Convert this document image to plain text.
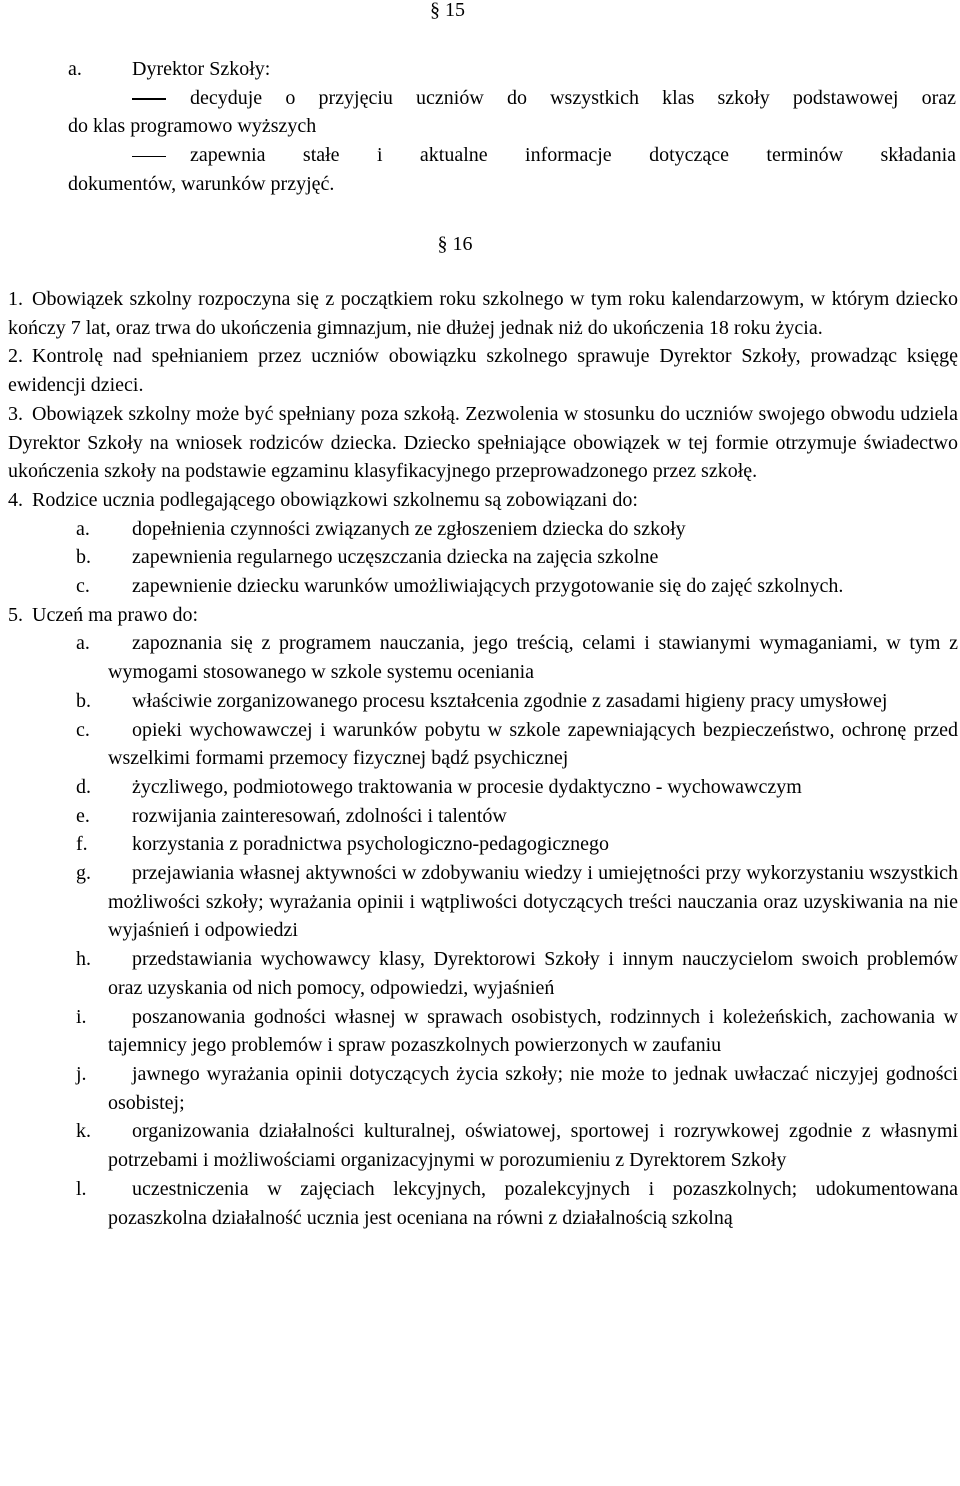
§ 15
a.	Dyrektor Szkoły:
decyduje o przyjęciu uczniów do wszystkich klas szkoły podstawowej oraz
do klas programowo wyższych
zapewnia stałe i aktualne informacje dotyczące terminów składania
dokumentów, warunków przyjęć.
§ 16
1. Obowiązek szkolny rozpoczyna się z początkiem roku szkolnego w tym roku kalendarzowym, w którym dziecko kończy 7 lat, oraz trwa do ukończenia gimnazjum, nie dłużej jednak niż do ukończenia 18 roku życia.
2. Kontrolę nad spełnianiem przez uczniów obowiązku szkolnego sprawuje Dyrektor Szkoły, prowadząc księgę ewidencji dzieci.
3. Obowiązek szkolny może być spełniany poza szkołą. Zezwolenia w stosunku do uczniów swojego obwodu udziela Dyrektor Szkoły na wniosek rodziców dziecka. Dziecko spełniające obowiązek w tej formie otrzymuje świadectwo ukończenia szkoły na podstawie egzaminu klasyfikacyjnego przeprowadzonego przez szkołę.
4. Rodzice ucznia podlegającego obowiązkowi szkolnemu są zobowiązani do:
a.	dopełnienia czynności związanych ze zgłoszeniem dziecka do szkoły
b.	zapewnienia regularnego uczęszczania dziecka na zajęcia szkolne
c.	zapewnienie dziecku warunków umożliwiających przygotowanie się do zajęć szkolnych.
5. Uczeń ma prawo do:
a.	zapoznania się z programem nauczania, jego treścią, celami i stawianymi wymaganiami, w tym z wymogami stosowanego w szkole systemu oceniania
b.	właściwie zorganizowanego procesu kształcenia zgodnie z zasadami higieny pracy umysłowej
c.	opieki wychowawczej i warunków pobytu w szkole zapewniających bezpieczeństwo, ochronę przed wszelkimi formami przemocy fizycznej bądź psychicznej
d.	życzliwego, podmiotowego traktowania w procesie dydaktyczno - wychowawczym
e.	rozwijania zainteresowań, zdolności i talentów
f.	korzystania z poradnictwa psychologiczno-pedagogicznego
g.	przejawiania własnej aktywności w zdobywaniu wiedzy i umiejętności przy wykorzystaniu wszystkich możliwości szkoły; wyrażania opinii i wątpliwości dotyczących treści nauczania oraz uzyskiwania na nie wyjaśnień i odpowiedzi
h.	przedstawiania wychowawcy klasy, Dyrektorowi Szkoły i innym nauczycielom swoich problemów oraz uzyskania od nich pomocy, odpowiedzi, wyjaśnień
i.	poszanowania godności własnej w sprawach osobistych, rodzinnych i koleżeńskich, zachowania w tajemnicy jego problemów i spraw pozaszkolnych powierzonych w zaufaniu
j.	jawnego wyrażania opinii dotyczących życia szkoły; nie może to jednak uwłaczać niczyjej godności osobistej;
k.	organizowania działalności kulturalnej, oświatowej, sportowej i rozrywkowej zgodnie z własnymi potrzebami i możliwościami organizacyjnymi w porozumieniu z Dyrektorem Szkoły
l.	uczestniczenia w zajęciach lekcyjnych, pozalekcyjnych i pozaszkolnych; udokumentowana pozaszkolna działalność ucznia jest oceniana na równi z działalnością szkolną
